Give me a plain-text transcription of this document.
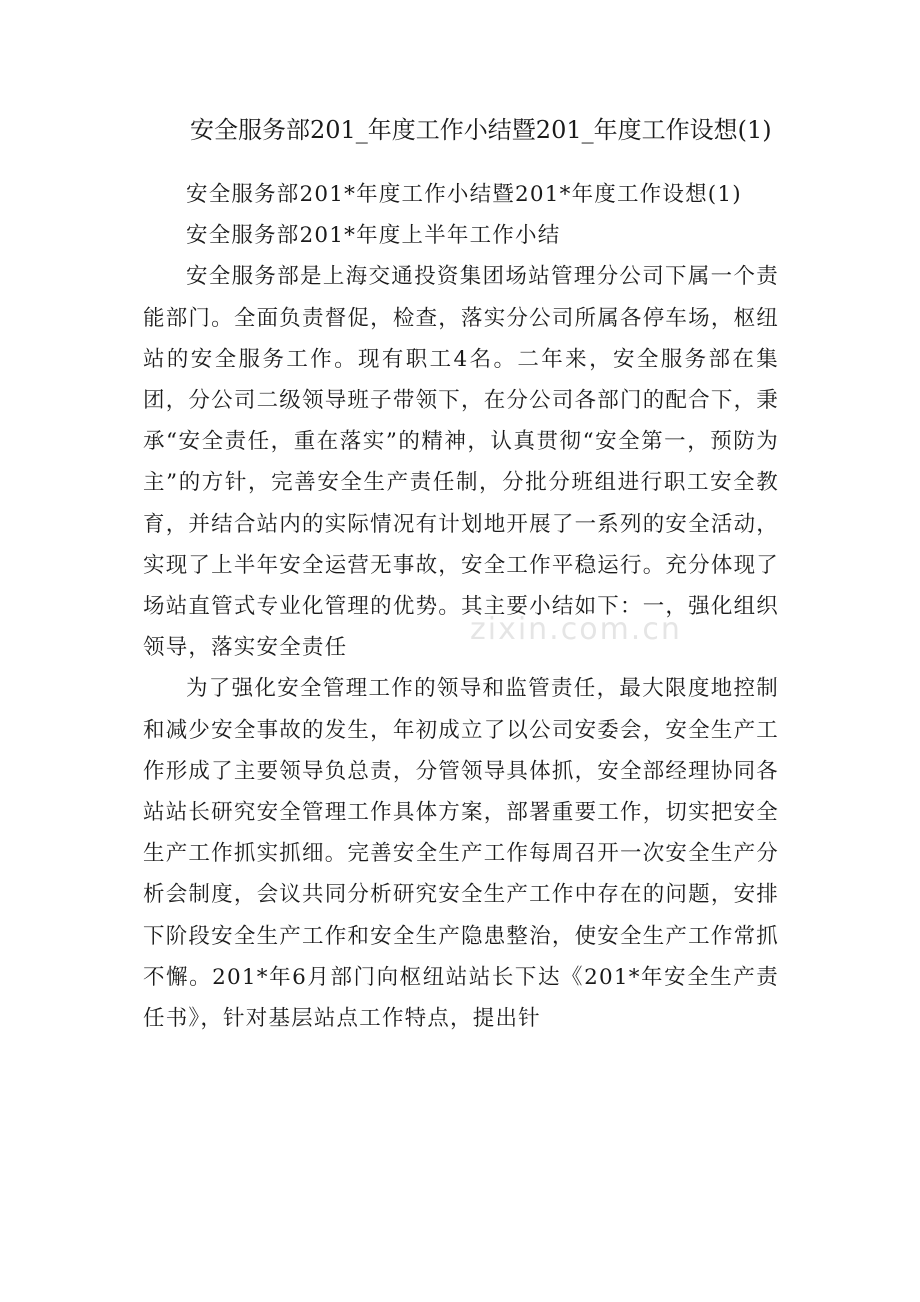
安全服务部201_年度工作小结暨201_年度工作设想(1)

安全服务部201*年度工作小结暨201*年度工作设想(1)

安全服务部201*年度上半年工作小结

安全服务部是上海交通投资集团场站管理分公司下属一个责能部门。全面负责督促，检查，落实分公司所属各停车场，枢纽站的安全服务工作。现有职工4名。二年来，安全服务部在集团，分公司二级领导班子带领下，在分公司各部门的配合下，秉承“安全责任，重在落实”的精神，认真贯彻“安全第一，预防为主”的方针，完善安全生产责任制，分批分班组进行职工安全教育，并结合站内的实际情况有计划地开展了一系列的安全活动，实现了上半年安全运营无事故，安全工作平稳运行。充分体现了场站直管式专业化管理的优势。其主要小结如下：一，强化组织领导，落实安全责任

为了强化安全管理工作的领导和监管责任，最大限度地控制和减少安全事故的发生，年初成立了以公司安委会，安全生产工作形成了主要领导负总责，分管领导具体抓，安全部经理协同各站站长研究安全管理工作具体方案，部署重要工作，切实把安全生产工作抓实抓细。完善安全生产工作每周召开一次安全生产分析会制度，会议共同分析研究安全生产工作中存在的问题，安排下阶段安全生产工作和安全生产隐患整治，使安全生产工作常抓不懈。201*年6月部门向枢纽站站长下达《201*年安全生产责任书》，针对基层站点工作特点，提出针

zixin.com.cn
